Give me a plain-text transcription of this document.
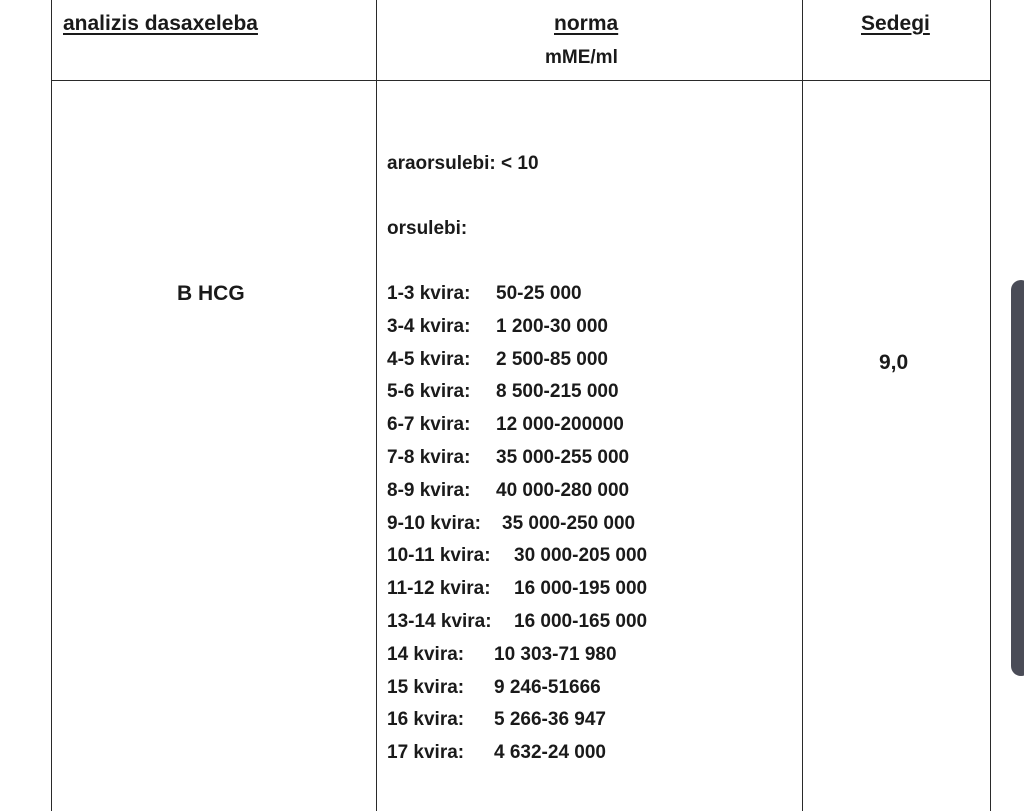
analizis dasaxeleba	norma
mME/ml
Sedegi
B HCG
araorsulebi: < 10
orsulebi:
1-3 kvira: 50-25 000
3-4 kvira: 1 200-30 000
4-5 kvira: 2 500-85 000
5-6 kvira: 8 500-215 000
6-7 kvira: 12 000-200000
7-8 kvira: 35 000-255 000
8-9 kvira: 40 000-280 000
9-10 kvira: 35 000-250 000
10-11 kvira: 30 000-205 000
11-12 kvira: 16 000-195 000
13-14 kvira: 16 000-165 000
14 kvira: 10 303-71 980
15 kvira: 9 246-51666
16 kvira: 5 266-36 947
17 kvira: 4 632-24 000
9,0
